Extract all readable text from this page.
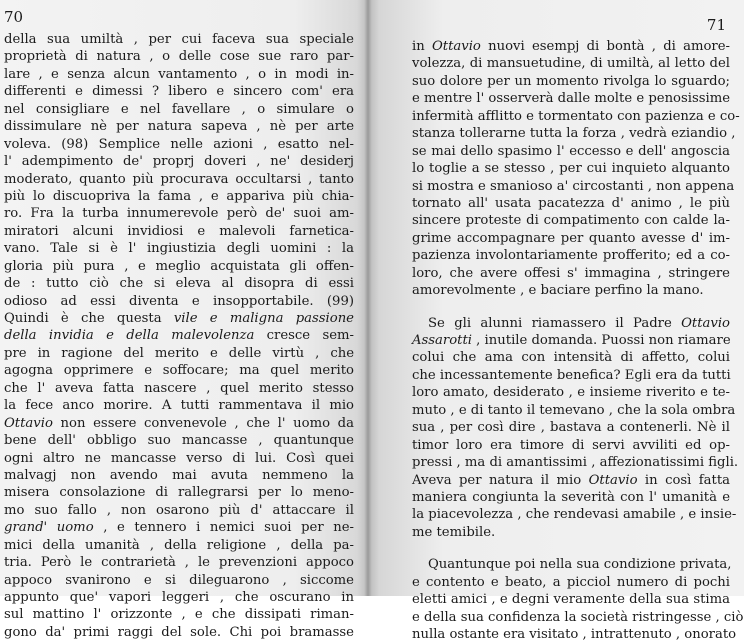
70
della sua umiltà , per cui faceva sua speciale
proprietà di natura , o delle cose sue raro par-
lare , e senza alcun vantamento , o in modi in-
differenti e dimessi ? libero e sincero com' era
nel consigliare e nel favellare , o simulare o
dissimulare nè per natura sapeva , nè per arte
voleva. (98) Semplice nelle azioni , esatto nel-
l' adempimento de' proprj doveri , ne' desiderj
moderato, quanto più procurava occultarsi , tanto
più lo discuopriva la fama , e appariva più chia-
ro. Fra la turba innumerevole però de' suoi am-
miratori alcuni invidiosi e malevoli farnetica-
vano. Tale si è l' ingiustizia degli uomini : la
gloria più pura , e meglio acquistata gli offen-
de : tutto ciò che si eleva al disopra di essi
odioso ad essi diventa e insopportabile. (99)
Quindi è che questa vile e maligna passione
della invidia e della malevolenza cresce sem-
pre in ragione del merito e delle virtù , che
agogna opprimere e soffocare; ma quel merito
che l' aveva fatta nascere , quel merito stesso
la fece anco morire. A tutti rammentava il mio
Ottavio non essere convenevole , che l' uomo da
bene dell' obbligo suo mancasse , quantunque
ogni altro ne mancasse verso di lui. Così quei
malvagj non avendo mai avuta nemmeno la
misera consolazione di rallegrarsi per lo meno-
mo suo fallo , non osarono più d' attaccare il
grand' uomo , e tennero i nemici suoi per ne-
mici della umanità , della religione , della pa-
tria. Però le contrarietà , le prevenzioni appoco
appoco svanirono e si dileguarono , siccome
appunto que' vapori leggeri , che oscurano in
sul mattino l' orizzonte , e che dissipati riman-
gono da' primi raggi del sole. Chi poi bramasse
71
in Ottavio nuovi esempj di bontà , di amore-
volezza, di mansuetudine, di umiltà, al letto del
suo dolore per un momento rivolga lo sguardo;
e mentre l' osserverà dalle molte e penosissime
infermità afflitto e tormentato con pazienza e co-
stanza tollerarne tutta la forza , vedrà eziandio ,
se mai dello spasimo l' eccesso e dell' angoscia
lo toglie a se stesso , per cui inquieto alquanto
si mostra e smanioso a' circostanti , non appena
tornato all' usata pacatezza d' animo , le più
sincere proteste di compatimento con calde la-
grime accompagnare per quanto avesse d' im-
pazienza involontariamente profferito; ed a co-
loro, che avere offesi s' immagina , stringere
amorevolmente , e baciare perfino la mano.
Se gli alunni riamassero il Padre Ottavio
Assarotti , inutile domanda. Puossi non riamare
colui che ama con intensità di affetto, colui
che incessantemente benefica? Egli era da tutti
loro amato, desiderato , e insieme riverito e te-
muto , e di tanto il temevano , che la sola ombra
sua , per così dire , bastava a contenerli. Nè il
timor loro era timore di servi avviliti ed op-
pressi , ma di amantissimi , affezionatissimi figli.
Aveva per natura il mio Ottavio in così fatta
maniera congiunta la severità con l' umanità e
la piacevolezza , che rendevasi amabile , e insie-
me temibile.
Quantunque poi nella sua condizione privata,
e contento e beato, a picciol numero di pochi
eletti amici , e degni veramente della sua stima
e della sua confidenza la società ristringesse , ciò
nulla ostante era visitato , intrattenuto , onorato
